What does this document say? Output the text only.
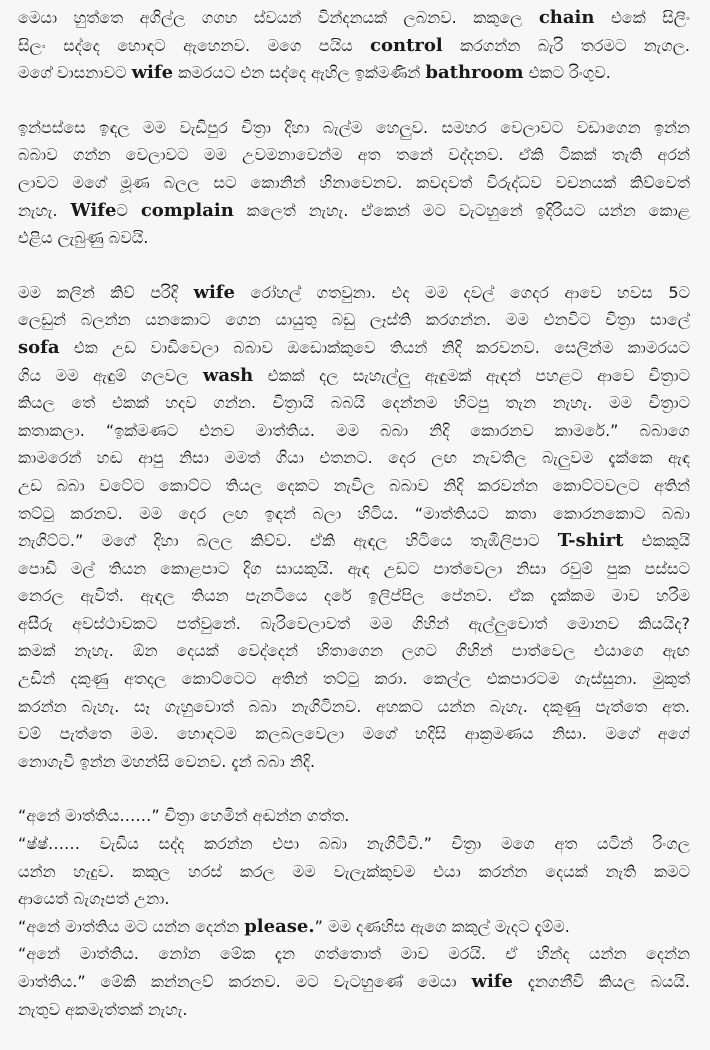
මෙයා හුත්තෙ අගිල්ල ගගහ ස්වයන් වින්දනයක් ලබනව. කකුලෙ chain එකේ සිලිං
සිලං සද්දෙ හොඳට ඇහෙනව. මගෙ පයිය control කරගන්න බැරි තරමට නැගල.
මගේ වාසනාවට wife කමරයට එන සද්දෙ ඇහිල ඉක්මණින් bathroom එකට රිංගුව.
ඉන්පස්සෙ ඉඳල මම වැඩිපුර චිත්‍රා දිහා බැල්ම හෙලුව. සමහර වෙලාවට වඩාගෙන ඉන්න
බබාව ගන්න වෙලාවට මම උවමනාවෙන්ම අත තනේ වද්දනව. ඒකි ටිකක් තැති අරන්
ලාවට මගේ මූණ බලල සට කොනින් හිනාවෙනව. කවදවත් විරුද්ධව වචනයක් කිව්වෙත්
නැහැ. Wifeට complain කලෙත් නැහැ. ඒකෙන් මට වැටහුනේ ඉදිරියට යන්න කොළ
එළිය ලැබුණු බවයි.
මම කලින් කිව් පරිදි wife රෝහල් ගතවුනා. එද මම දවල් ගෙදර ආවෙ හවස 5ට
ලෙඩුන් බලන්න යනකොට ගෙන යායුතු බඩු ලෑස්ති කරගන්න. මම එනවිට චිත්‍රා සාලේ
sofa එක උඩ වාඩිවෙලා බබාව ඔඩොක්කුවෙ තියන් නිදි කරවනව. සෙලින්ම කාමරයට
ගිය මම ඇඳුම් ගලවල wash එකක් දල සැහැල්ලු ඇඳුමක් ඇඳන් පහළට ආවෙ චිත්‍රාට
කියල තේ එකක් හදව ගන්න. චිත්‍රායි බබයි දෙන්නම හිටපු තැන නැහැ. මම චිත්‍රාට
කතාකලා. “ඉක්මණට එනව මාත්තිය. මම බබා නිදි කොරනව කාමරේ.” බබාගෙ
කාමරෙන් හඬ ආපු නිසා මමත් ගියා එතනට. දෙර ලඟ නැවතිල බැලුවම දැක්කෙ ඇඳ
උඩ බබා වටේට කොට්ට තියල දෙකට නැවිල බබාව නිදි කරවන්න කොට්ටවලට අතින්
තට්ටු කරනව. මම දෙර ලඟ ඉඳන් බලා හිටිය. “මාත්තියට කතා කොරනකොට බබා
නැගිට්ට.” මගේ දිහා බලල කිව්ව. ඒකි ඇඳල හිටියෙ තැඹිලිපාට T-shirt එකකුයි
පොඩි මල් තියන කොළපාට දිග සායකුයි. ඇඳ උඩට පාත්වෙලා නිසා රවුම් පුක පස්සට
නෙරල ඇවිත්. ඇඳල තියන පැනටියෙ දරේ ඉලිප්පිල පේනව. ඒක දැක්කම මාව හරිම
අසීරු අවස්ථාවකට පත්වුනේ. බැරිවෙලාවත් මම ගිහින් ඇල්ලුවොත් මොනව කියයිද?
කමක් නැහැ. ඕන දෙයක් වෙද්දෙන් හිතාගෙන ලගට ගිහින් පාත්වෙල එයාගෙ ඇඟ
උඩින් දකුණු අතදල කොට්ටෙට අතින් තට්ටු කරා. කෙල්ල එකපාරටම ගැස්සුනා. මුකුත්
කරන්න බැහැ. සෑ ගැහුවොත් බබා නැගිටිනව. අහකට යන්න බැහැ. දකුණු පැත්තෙ අත.
වම් පැත්තෙ මම. හොඳටම කලබලවෙලා මගේ හදිසි ආක්‍රමණය නිසා. මගේ අගේ
නොගැවී ඉන්න මහන්සි වෙනව. දැන් බබා නිදි.
“අනේ මාත්තිය……” චිත්‍රා හෙමින් අඬන්න ගත්ත.
“ෂ්ෂ්…… වැඩිය සද්ද කරන්න එපා බබා නැගිටීවි.” චිත්‍රා මගෙ අත යටින් රිංගල
යන්න හැදුව. කකුල හරස් කරල මම වැලැක්කුවම එයා කරන්න දෙයක් නැති කමට
ආයෙත් බැගෑපත් උනා.
“අනේ මාත්තිය මට යන්න දෙන්න please.” මම දණහිස ඇගෙ කකුල් මැදට දැම්ම.
“අනේ මාත්තිය. නෝන මේක දැන ගත්තොත් මාව මරයි. ඒ හින්ද යන්න දෙන්න
මාත්තිය.” මේකි කන්නලව් කරනව. මට වැටහුණේ මෙයා wife දැනගනීවි කියල බයයි.
නැතුව අකමැත්තක් නැහැ.
